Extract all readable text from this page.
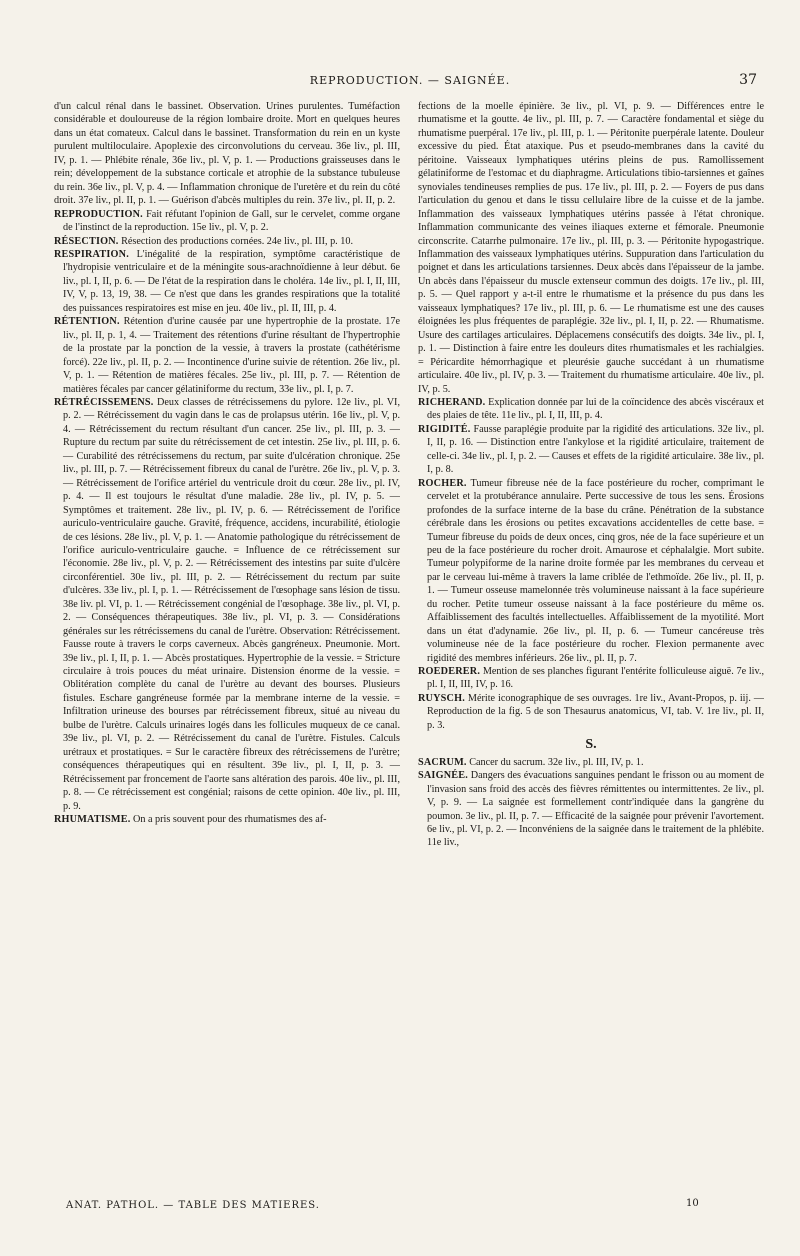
REPRODUCTION. — SAIGNÉE.	37
d'un calcul rénal dans le bassinet. Observation. Urines purulentes. Tuméfaction considérable et douloureuse de la région lombaire droite. Mort en quelques heures dans un état comateux. Calcul dans le bassinet. Transformation du rein en un kyste purulent multiloculaire. Apoplexie des circonvolutions du cerveau. 36e liv., pl. III, IV, p. 1. — Phlébite rénale, 36e liv., pl. V, p. 1. — Productions graisseuses dans le rein; développement de la substance corticale et atrophie de la substance tubuleuse du rein. 36e liv., pl. V, p. 4. — Inflammation chronique de l'uretère et du rein du côté droit. 37e liv., pl. II, p. 1. — Guérison d'abcès multiples du rein. 37e liv., pl. II, p. 2.
REPRODUCTION. Fait réfutant l'opinion de Gall, sur le cervelet, comme organe de l'instinct de la reproduction. 15e liv., pl. V, p. 2.
RÉSECTION. Résection des productions cornées. 24e liv., pl. III, p. 10.
RESPIRATION. L'inégalité de la respiration, symptôme caractéristique de l'hydropisie ventriculaire et de la méningite sous-arachnoïdienne à leur début. 6e liv., pl. I, II, p. 6. — De l'état de la respiration dans le choléra. 14e liv., pl. I, II, III, IV, V, p. 13, 19, 38. — Ce n'est que dans les grandes respirations que la totalité des puissances respiratoires est mise en jeu. 40e liv., pl. II, III, p. 4.
RÉTENTION. Rétention d'urine causée par une hypertrophie de la prostate. 17e liv., pl. II, p. 1, 4. — Traitement des rétentions d'urine résultant de l'hypertrophie de la prostate par la ponction de la vessie, à travers la prostate (cathétérisme forcé). 22e liv., pl. II, p. 2. — Incontinence d'urine suivie de rétention. 26e liv., pl. V, p. 1. — Rétention de matières fécales. 25e liv., pl. III, p. 7. — Rétention de matières fécales par cancer gélatiniforme du rectum, 33e liv., pl. I, p. 7.
RÉTRÉCISSEMENS. Deux classes de rétrécissemens du pylore. 12e liv., pl. VI, p. 2. — Rétrécissement du vagin dans le cas de prolapsus utérin. 16e liv., pl. V, p. 4. — Rétrécissement du rectum résultant d'un cancer. 25e liv., pl. III, p. 3. — Rupture du rectum par suite du rétrécissement de cet intestin. 25e liv., pl. III, p. 6. — Curabilité des rétrécissemens du rectum, par suite d'ulcération chronique. 25e liv., pl. III, p. 7. — Rétrécissement fibreux du canal de l'urètre. 26e liv., pl. V, p. 3. — Rétrécissement de l'orifice artériel du ventricule droit du cœur. 28e liv., pl. IV, p. 4. — Il est toujours le résultat d'une maladie. 28e liv., pl. IV, p. 5. — Symptômes et traitement. 28e liv., pl. IV, p. 6. — Rétrécissement de l'orifice auriculo-ventriculaire gauche. Gravité, fréquence, accidens, incurabilité, étiologie de ces lésions. 28e liv., pl. V, p. 1. — Anatomie pathologique du rétrécissement de l'orifice auriculo-ventriculaire gauche. = Influence de ce rétrécissement sur l'économie. 28e liv., pl. V, p. 2. — Rétrécissement des intestins par suite d'ulcère circonférentiel. 30e liv., pl. III, p. 2. — Rétrécissement du rectum par suite d'ulcères. 33e liv., pl. I, p. 1. — Rétrécissement de l'œsophage sans lésion de tissu. 38e liv. pl. VI, p. 1. — Rétrécissement congénial de l'œsophage. 38e liv., pl. VI, p. 2. — Conséquences thérapeutiques. 38e liv., pl. VI, p. 3. — Considérations générales sur les rétrécissemens du canal de l'urètre. Observation: Rétrécissement. Fausse route à travers le corps caverneux. Abcès gangréneux. Pneumonie. Mort. 39e liv., pl. I, II, p. 1. — Abcès prostatiques. Hypertrophie de la vessie. = Stricture circulaire à trois pouces du méat urinaire. Distension énorme de la vessie. = Oblitération complète du canal de l'urètre au devant des bourses. Plusieurs fistules. Eschare gangréneuse formée par la membrane interne de la vessie. = Infiltration urineuse des bourses par rétrécissement fibreux, situé au niveau du bulbe de l'urètre. Calculs urinaires logés dans les follicules muqueux de ce canal. 39e liv., pl. VI, p. 2. — Rétrécissement du canal de l'urètre. Fistules. Calculs urétraux et prostatiques. = Sur le caractère fibreux des rétrécissemens de l'urètre; conséquences thérapeutiques qui en résultent. 39e liv., pl. I, II, p. 3. — Rétrécissement par froncement de l'aorte sans altération des parois. 40e liv., pl. III, p. 8. — Ce rétrécissement est congénial; raisons de cette opinion. 40e liv., pl. III, p. 9.
RHUMATISME. On a pris souvent pour des rhumatismes des af-
fections de la moelle épinière. 3e liv., pl. VI, p. 9. — Différences entre le rhumatisme et la goutte. 4e liv., pl. III, p. 7. — Caractère fondamental et siège du rhumatisme puerpéral. 17e liv., pl. III, p. 1. — Péritonite puerpérale latente. Douleur excessive du pied. État ataxique. Pus et pseudo-membranes dans la cavité du péritoine. Vaisseaux lymphatiques utérins pleins de pus. Ramollissement gélatiniforme de l'estomac et du diaphragme. Articulations tibio-tarsiennes et gaînes synoviales tendineuses remplies de pus. 17e liv., pl. III, p. 2. — Foyers de pus dans l'articulation du genou et dans le tissu cellulaire libre de la cuisse et de la jambe. Inflammation des vaisseaux lymphatiques utérins passée à l'état chronique. Inflammation communicante des veines iliaques externe et fémorale. Pneumonie circonscrite. Catarrhe pulmonaire. 17e liv., pl. III, p. 3. — Péritonite hypogastrique. Inflammation des vaisseaux lymphatiques utérins. Suppuration dans l'articulation du poignet et dans les articulations tarsiennes. Deux abcès dans l'épaisseur de la jambe. Un abcès dans l'épaisseur du muscle extenseur commun des doigts. 17e liv., pl. III, p. 5. — Quel rapport y a-t-il entre le rhumatisme et la présence du pus dans les vaisseaux lymphatiques? 17e liv., pl. III, p. 6. — Le rhumatisme est une des causes éloignées les plus fréquentes de paraplégie. 32e liv., pl. I, II, p. 22. — Rhumatisme. Usure des cartilages articulaires. Déplacemens consécutifs des doigts. 34e liv., pl. I, p. 1. — Distinction à faire entre les douleurs dites rhumatismales et les rachialgies. = Péricardite hémorrhagique et pleurésie gauche succédant à un rhumatisme articulaire. 40e liv., pl. IV, p. 3. — Traitement du rhumatisme articulaire. 40e liv., pl. IV, p. 5.
RICHERAND. Explication donnée par lui de la coïncidence des abcès viscéraux et des plaies de tête. 11e liv., pl. I, II, III, p. 4.
RIGIDITÉ. Fausse paraplégie produite par la rigidité des articulations. 32e liv., pl. I, II, p. 16. — Distinction entre l'ankylose et la rigidité articulaire, traitement de celle-ci. 34e liv., pl. I, p. 2. — Causes et effets de la rigidité articulaire. 38e liv., pl. I, p. 8.
ROCHER. Tumeur fibreuse née de la face postérieure du rocher, comprimant le cervelet et la protubérance annulaire. Perte successive de tous les sens. Érosions profondes de la surface interne de la base du crâne. Pénétration de la substance cérébrale dans les érosions ou petites excavations accidentelles de cette base. = Tumeur fibreuse du poids de deux onces, cinq gros, née de la face supérieure et un peu de la face postérieure du rocher droit. Amaurose et céphalalgie. Mort subite. Tumeur polypiforme de la narine droite formée par les membranes du cerveau et par le cerveau lui-même à travers la lame criblée de l'ethmoïde. 26e liv., pl. II, p. 1. — Tumeur osseuse mamelonnée très volumineuse naissant à la face supérieure du rocher. Petite tumeur osseuse naissant à la face postérieure du même os. Affaiblissement des facultés intellectuelles. Affaiblissement de la myotilité. Mort dans un état d'adynamie. 26e liv., pl. II, p. 6. — Tumeur cancéreuse très volumineuse née de la face postérieure du rocher. Flexion permanente avec rigidité des membres inférieurs. 26e liv., pl. II, p. 7.
ROEDERER. Mention de ses planches figurant l'entérite folliculeuse aiguë. 7e liv., pl. I, II, III, IV, p. 16.
RUYSCH. Mérite iconographique de ses ouvrages. 1re liv., Avant-Propos, p. iij. — Reproduction de la fig. 5 de son Thesaurus anatomicus, VI, tab. V. 1re liv., pl. II, p. 3.
S.
SACRUM. Cancer du sacrum. 32e liv., pl. III, IV, p. 1.
SAIGNÉE. Dangers des évacuations sanguines pendant le frisson ou au moment de l'invasion sans froid des accès des fièvres rémittentes ou intermittentes. 2e liv., pl. V, p. 9. — La saignée est formellement contr'indiquée dans la gangrène du poumon. 3e liv., pl. II, p. 7. — Efficacité de la saignée pour prévenir l'avortement. 6e liv., pl. VI, p. 2. — Inconvéniens de la saignée dans le traitement de la phlébite. 11e liv.,
ANAT. PATHOL. — TABLE DES MATIERES.	10
